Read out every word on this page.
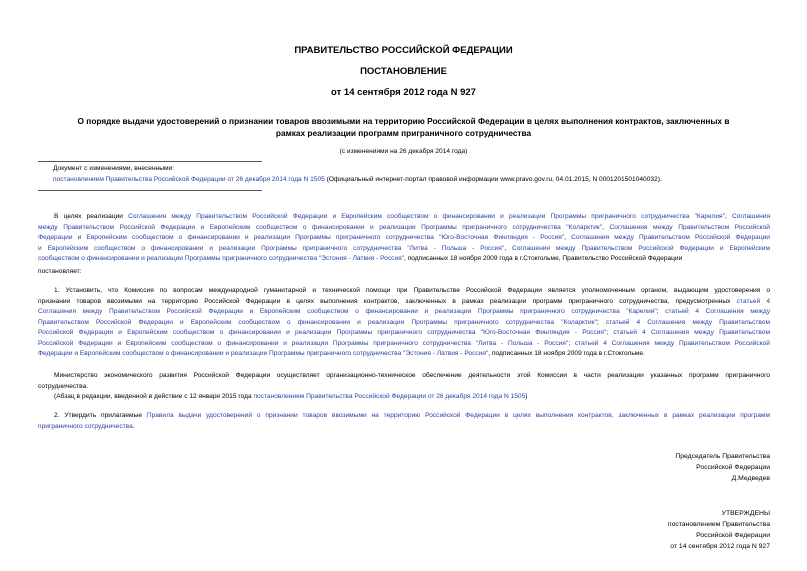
ПРАВИТЕЛЬСТВО РОССИЙСКОЙ ФЕДЕРАЦИИ
ПОСТАНОВЛЕНИЕ
от 14 сентября 2012 года N 927
О порядке выдачи удостоверений о признании товаров ввозимыми на территорию Российской Федерации в целях выполнения контрактов, заключенных в
рамках реализации программ приграничного сотрудничества
(с изменениями на 26 декабря 2014 года)
Документ с изменениями, внесенными:
постановлением Правительства Российской Федерации от 26 декабря 2014 года N 1505 (Официальный интернет-портал правовой информации www.pravo.gov.ru, 04.01.2015, N 0001201501040032).
В целях реализации Соглашения между Правительством Российской Федерации и Европейским сообществом о финансировании и реализации Программы приграничного сотрудничества "Карелия", Соглашения
между Правительством Российской Федерации и Европейским сообществом о финансировании и реализации Программы приграничного сотрудничества "Коларктик", Соглашения между Правительством Российской
Федерации и Европейским сообществом о финансировании и реализации Программы приграничного сотрудничества "Юго-Восточная Финляндия - Россия", Соглашения между Правительством Российской Федерации
и Европейским сообществом о финансировании и реализации Программы приграничного сотрудничества "Литва - Польша - Россия", Соглашения между Правительством Российской Федерации и Европейским
сообществом о финансировании и реализации Программы приграничного сотрудничества "Эстония - Латвия - Россия", подписанных 18 ноября 2009 года в г.Стокгольме, Правительство Российской Федерации
постановляет:
1. Установить, что Комиссия по вопросам международной гуманитарной и технической помощи при Правительстве Российской Федерации является уполномоченным органом, выдающим удостоверения о
признании товаров ввозимыми на территорию Российской Федерации в целях выполнения контрактов, заключенных в рамках реализации программ приграничного сотрудничества, предусмотренных статьей 4
Соглашения между Правительством Российской Федерации и Европейским сообществом о финансировании и реализации Программы приграничного сотрудничества "Карелия"; статьей 4 Соглашения между
Правительством Российской Федерации и Европейским сообществом о финансировании и реализации Программы приграничного сотрудничества "Коларктик"; статьей 4 Соглашения между Правительством
Российской Федерации и Европейским сообществом о финансировании и реализации Программы приграничного сотрудничества "Юго-Восточная Финляндия - Россия"; статьей 4 Соглашения между Правительством
Российской Федерации и Европейским сообществом о финансировании и реализации Программы приграничного сотрудничества "Литва - Польша - Россия"; статьей 4 Соглашения между Правительством Российской
Федерации и Европейским сообществом о финансировании и реализации Программы приграничного сотрудничества "Эстония - Латвия - Россия", подписанных 18 ноября 2009 года в г.Стокгольме.
Министерство экономического развития Российской Федерации осуществляет организационно-техническое обеспечение деятельности этой Комиссии в части реализации указанных программ приграничного
сотрудничества.
(Абзац в редакции, введенной в действие с 12 января 2015 года постановлением Правительства Российской Федерации от 26 декабря 2014 года N 1505)
2. Утвердить прилагаемые Правила выдачи удостоверений о признании товаров ввозимыми на территорию Российской Федерации в целях выполнения контрактов, заключенных в рамках реализации программ
приграничного сотрудничества.
Председатель Правительства
Российской Федерации
Д.Медведев
УТВЕРЖДЕНЫ
постановлением Правительства
Российской Федерации
от 14 сентября 2012 года N 927
